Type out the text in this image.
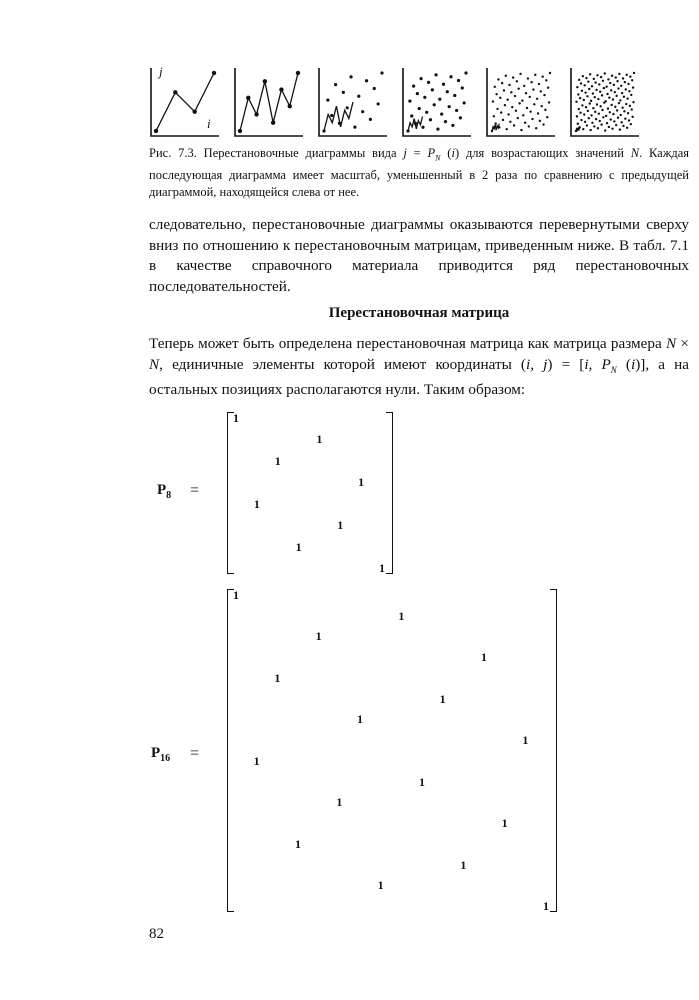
j
i
Рис. 7.3. Перестановочные диаграммы вида $j = P_N$ (i) для возрастающих значений N. Каждая последующая диаграмма имеет масштаб, уменьшенный в 2 раза по сравнению с предыдущей диаграммой, находящейся слева от нее.
следовательно, перестановочные диаграммы оказываются перевернутыми сверху вниз по отношению к перестановочным матрицам, приведенным ниже. В табл. 7.1 в качестве справочного материала приводится ряд перестановочных последовательностей.
Перестановочная матрица
Теперь может быть определена перестановочная матрица как матрица размера N × N, единичные элементы которой имеют координаты (i, j) = [i, $P_N$ (i)], а на остальных позициях располагаются нули. Таким образом:
$P_8$ =
1
1
1
1
1
1
1
1
$P_{16}$ =
1
1
1
1
1
1
1
1
1
1
1
1
1
1
1
1
82
